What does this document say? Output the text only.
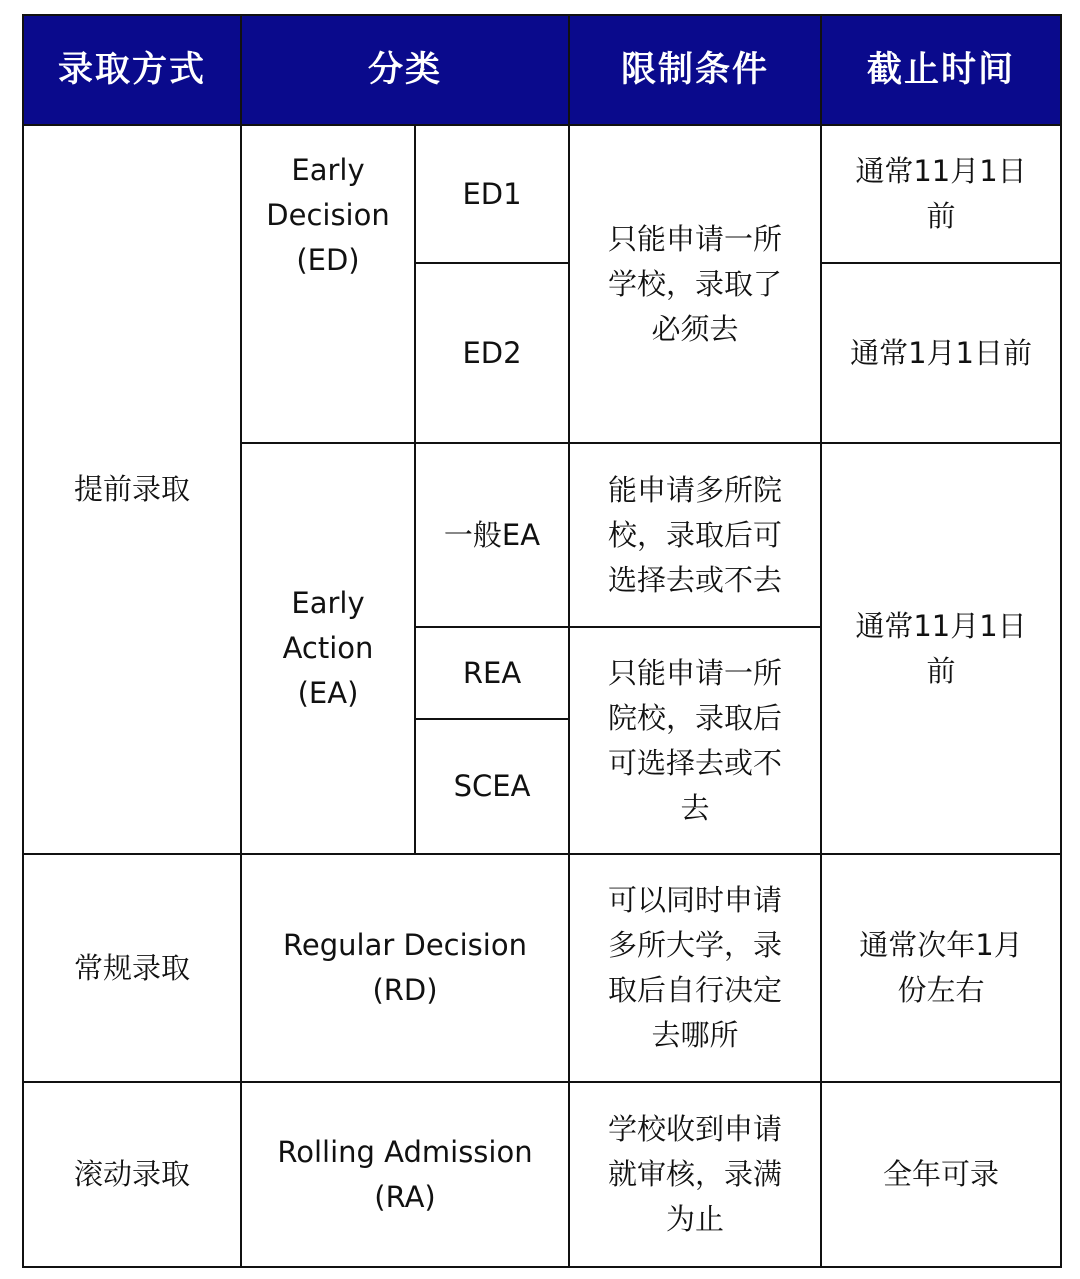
录取方式	分类		限制条件	截止时间
提前录取	Early Decision (ED)	ED1	只能申请一所学校，录取了必须去	通常11月1日前
		ED2		通常1月1日前
	Early Action (EA)	一般EA	能申请多所院校，录取后可选择去或不去	通常11月1日前
		REA	只能申请一所院校，录取后可选择去或不去	
		SCEA		
常规录取	Regular Decision (RD)		可以同时申请多所大学，录取后自行决定去哪所	通常次年1月份左右
滚动录取	Rolling Admission (RA)		学校收到申请就审核，录满为止	全年可录
